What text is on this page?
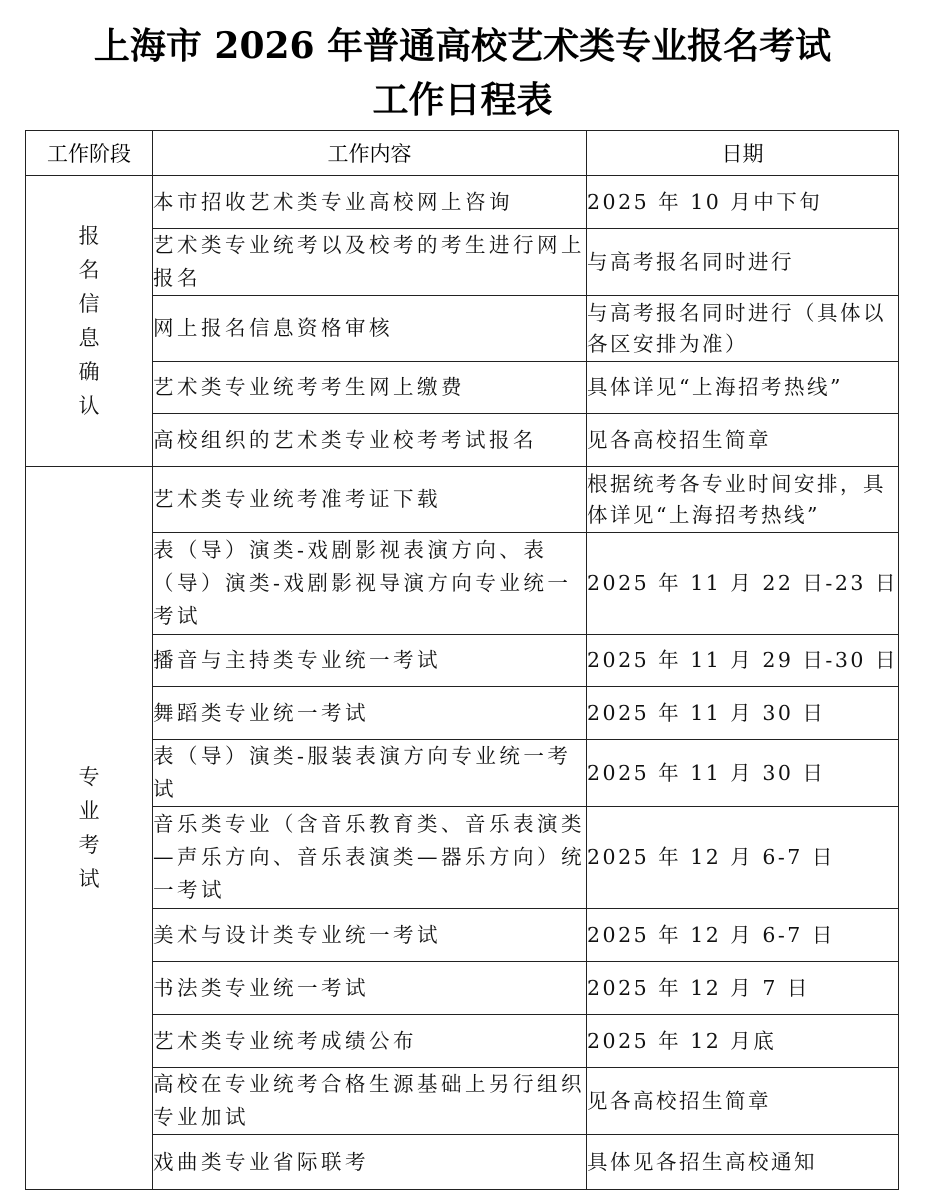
上海市 2026 年普通高校艺术类专业报名考试
工作日程表
工作阶段	工作内容	日期
报名信息确认	本市招收艺术类专业高校网上咨询	2025 年 10 月中下旬
	艺术类专业统考以及校考的考生进行网上报名	与高考报名同时进行
	网上报名信息资格审核	与高考报名同时进行（具体以各区安排为准）
	艺术类专业统考考生网上缴费	具体详见“上海招考热线”
	高校组织的艺术类专业校考考试报名	见各高校招生简章
专业考试	艺术类专业统考准考证下载	根据统考各专业时间安排，具体详见“上海招考热线”
	表（导）演类-戏剧影视表演方向、表（导）演类-戏剧影视导演方向专业统一考试	2025 年 11 月 22 日-23 日
	播音与主持类专业统一考试	2025 年 11 月 29 日-30 日
	舞蹈类专业统一考试	2025 年 11 月 30 日
	表（导）演类-服装表演方向专业统一考试	2025 年 11 月 30 日
	音乐类专业（含音乐教育类、音乐表演类—声乐方向、音乐表演类—器乐方向）统一考试	2025 年 12 月 6-7 日
	美术与设计类专业统一考试	2025 年 12 月 6-7 日
	书法类专业统一考试	2025 年 12 月 7 日
	艺术类专业统考成绩公布	2025 年 12 月底
	高校在专业统考合格生源基础上另行组织专业加试	见各高校招生简章
	戏曲类专业省际联考	具体见各招生高校通知
